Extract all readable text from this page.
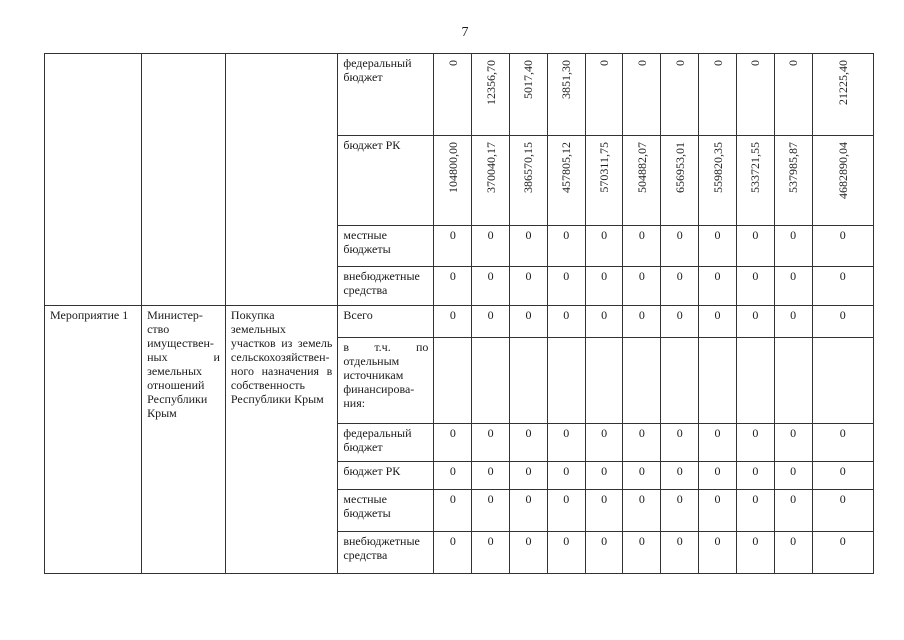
7
			федеральный бюджет	0	12356,70	5017,40	3851,30	0	0	0	0	0	0	21225,40
			бюджет РК	104800,00	370040,17	386570,15	457805,12	570311,75	504882,07	656953,01	559820,35	533721,55	537985,87	4682890,04
			местные бюджеты	0	0	0	0	0	0	0	0	0	0	0
			внебюджетные средства	0	0	0	0	0	0	0	0	0	0	0
Мероприятие 1	Министер-ство имуществен-ных и земельных отношений Республики Крым	Покупка земельных участков из земель сельскохозяйствен-ного назначения в собственность Республики Крым	Всего	0	0	0	0	0	0	0	0	0	0	0
			в т.ч. по отдельным источникам финансирова-ния:											
			федеральный бюджет	0	0	0	0	0	0	0	0	0	0	0
			бюджет РК	0	0	0	0	0	0	0	0	0	0	0
			местные бюджеты	0	0	0	0	0	0	0	0	0	0	0
			внебюджетные средства	0	0	0	0	0	0	0	0	0	0	0
